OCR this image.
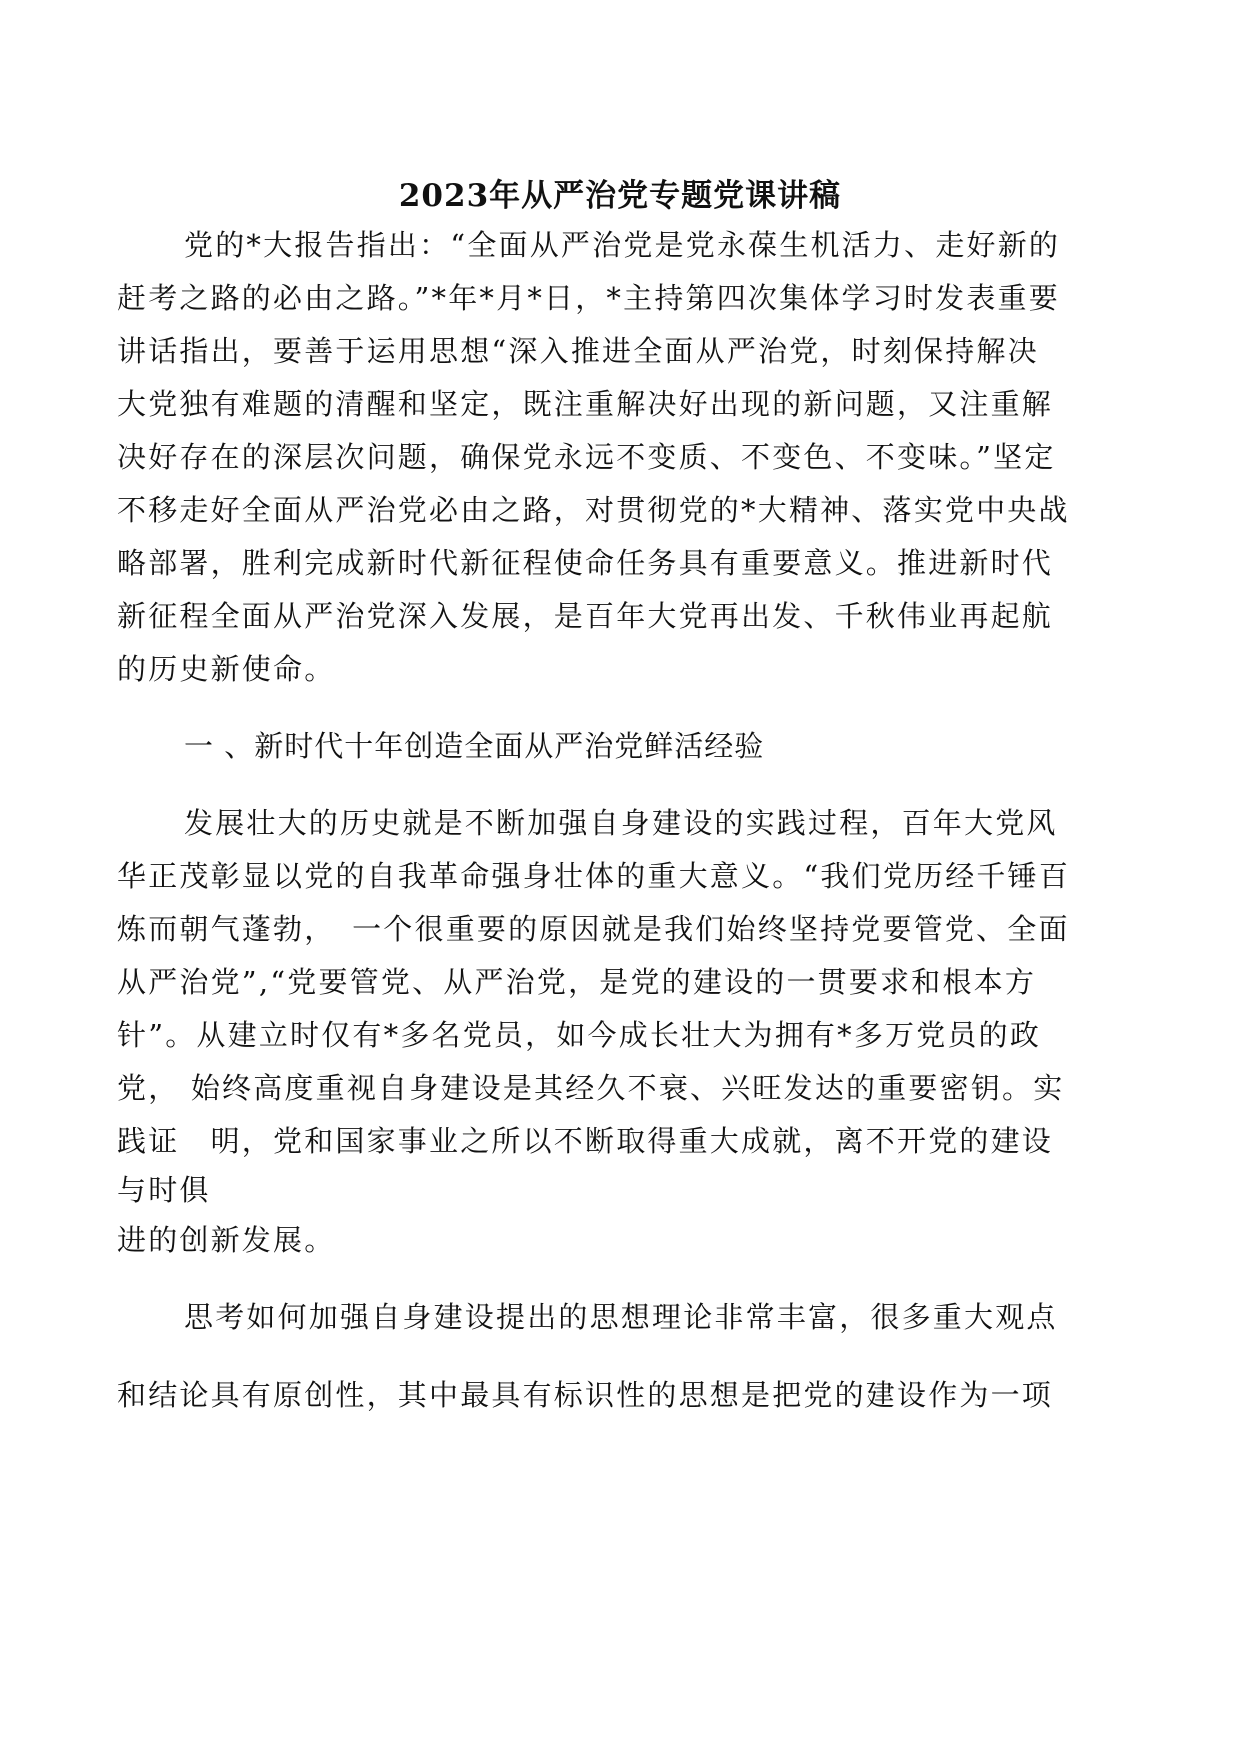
2023年从严治党专题党课讲稿
党的*大报告指出：“全面从严治党是党永葆生机活力、走好新的
赶考之路的必由之路。”*年*月*日，*主持第四次集体学习时发表重要
讲话指出，要善于运用思想“深入推进全面从严治党，时刻保持解决
大党独有难题的清醒和坚定，既注重解决好出现的新问题，又注重解
决好存在的深层次问题，确保党永远不变质、不变色、不变味。”坚定
不移走好全面从严治党必由之路，对贯彻党的*大精神、落实党中央战
略部署，胜利完成新时代新征程使命任务具有重要意义。推进新时代
新征程全面从严治党深入发展，是百年大党再出发、千秋伟业再起航
的历史新使命。
一 、新时代十年创造全面从严治党鲜活经验
发展壮大的历史就是不断加强自身建设的实践过程，百年大党风
华正茂彰显以党的自我革命强身壮体的重大意义。“我们党历经千锤百
炼而朝气蓬勃，　一个很重要的原因就是我们始终坚持党要管党、全面
从严治党”,“党要管党、从严治党，是党的建设的一贯要求和根本方
针”。从建立时仅有*多名党员，如今成长壮大为拥有*多万党员的政
党， 始终高度重视自身建设是其经久不衰、兴旺发达的重要密钥。实
践证　明，党和国家事业之所以不断取得重大成就，离不开党的建设
与时俱
进的创新发展。
思考如何加强自身建设提出的思想理论非常丰富，很多重大观点
和结论具有原创性，其中最具有标识性的思想是把党的建设作为一项
